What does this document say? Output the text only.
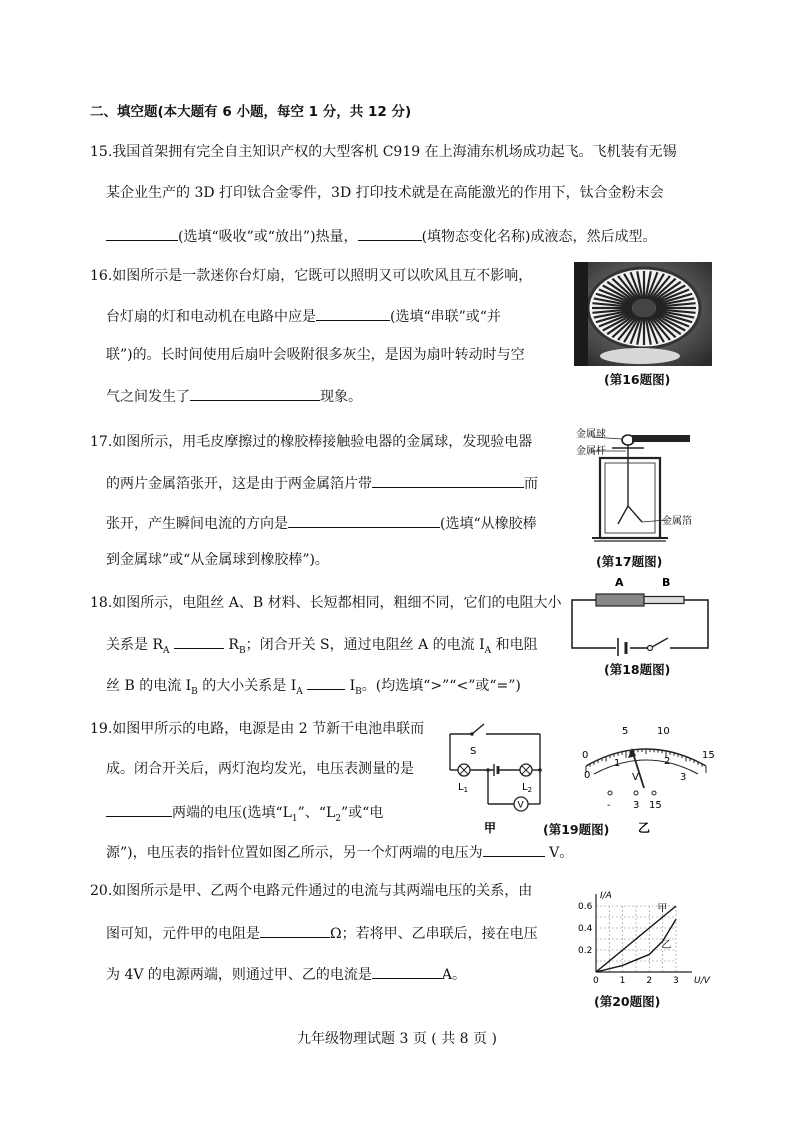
二、填空题(本大题有 6 小题，每空 1 分，共 12 分)
15.我国首架拥有完全自主知识产权的大型客机 C919 在上海浦东机场成功起飞。飞机装有无锡
某企业生产的 3D 打印钛合金零件，3D 打印技术就是在高能激光的作用下，钛合金粉末会
(选填“吸收”或“放出”)热量，	(填物态变化名称)成液态，然后成型。
16.如图所示是一款迷你台灯扇，它既可以照明又可以吹风且互不影响，
台灯扇的灯和电动机在电路中应是	(选填“串联”或“并
联”)的。长时间使用后扇叶会吸附很多灰尘，是因为扇叶转动时与空
气之间发生了	现象。
(第16题图)
17.如图所示，用毛皮摩擦过的橡胶棒接触验电器的金属球，发现验电器
的两片金属箔张开，这是由于两金属箔片带	而
张开，产生瞬间电流的方向是	(选填“从橡胶棒
到金属球”或“从金属球到橡胶棒”)。
金属球
金属杆
金属箔
(第17题图)
18.如图所示，电阻丝 A、B 材料、长短都相同，粗细不同，它们的电阻大小
关系是 $R_A$	$R_B$；闭合开关 S，通过电阻丝 A 的电流 $I_A$ 和电阻
丝 B 的电流 $I_B$ 的大小关系是 $I_A$	$I_B$。(均选填“>”“<”或“=”)
A	B
(第18题图)
19.如图甲所示的电路，电源是由 2 节新干电池串联而
成。闭合开关后，两灯泡均发光，电压表测量的是
两端的电压(选填“$L_1$”、“$L_2$”或“电
源”)，电压表的指针位置如图乙所示，另一个灯两端的电压为	V。
S
V
$L_1$	$L_2$
甲	(第19题图)
0
5	10
15
0
1	2
3
V
- 3 15
乙
20.如图所示是甲、乙两个电路元件通过的电流与其两端电压的关系，由
图可知，元件甲的电阻是	Ω；若将甲、乙串联后，接在电压
为 4V 的电源两端，则通过甲、乙的电流是	A。	0 1 2 3
0.2
0.4
0.6
U/V
I/A
甲
乙
(第20题图)
九年级物理试题 3 页 ( 共 8 页 )
